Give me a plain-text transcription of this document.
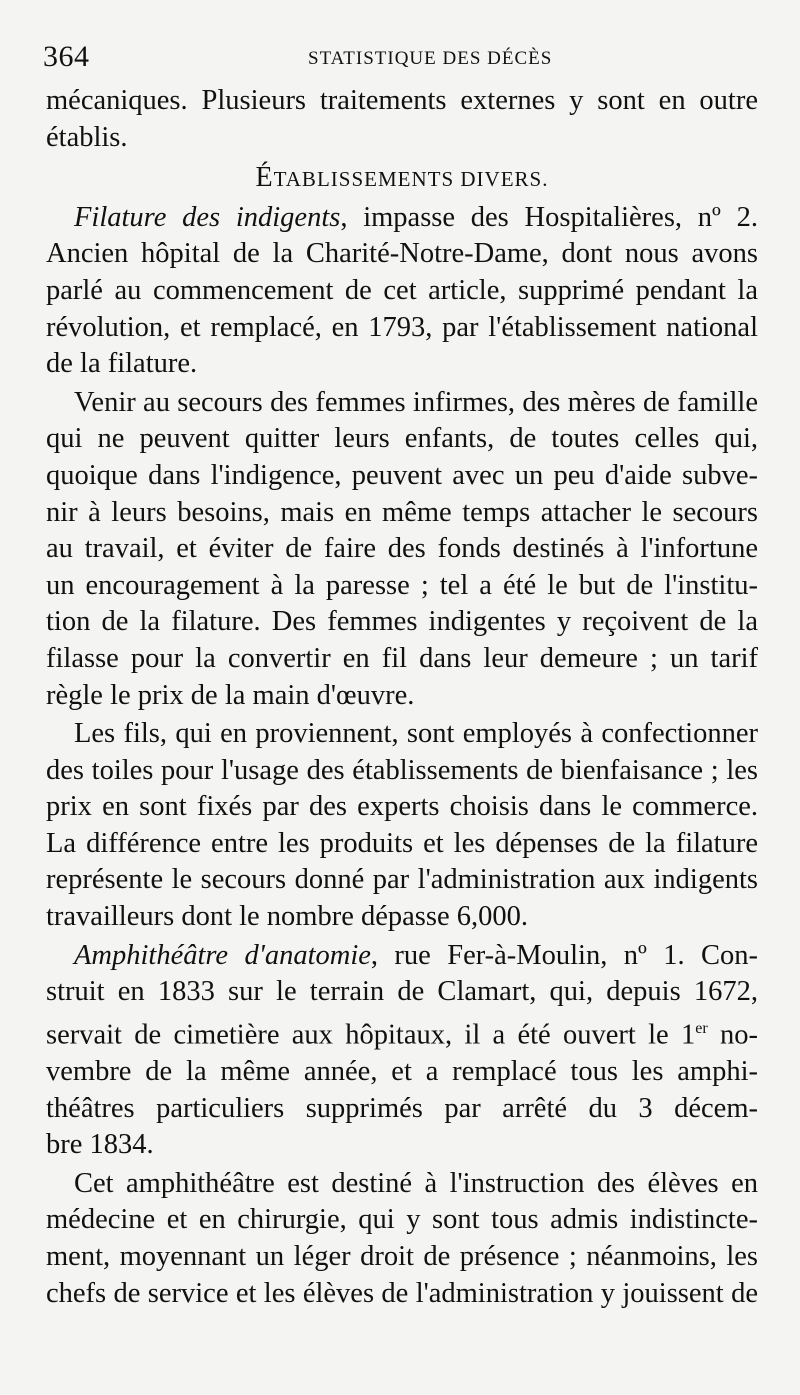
364	STATISTIQUE DES DÉCÈS
mécaniques. Plusieurs traitements externes y sont en outre
établis.
ÉTABLISSEMENTS DIVERS.
Filature des indigents, impasse des Hospitalières, nº 2.
Ancien hôpital de la Charité-Notre-Dame, dont nous avons
parlé au commencement de cet article, supprimé pendant la
révolution, et remplacé, en 1793, par l'établissement national
de la filature.
Venir au secours des femmes infirmes, des mères de famille
qui ne peuvent quitter leurs enfants, de toutes celles qui,
quoique dans l'indigence, peuvent avec un peu d'aide subve-
nir à leurs besoins, mais en même temps attacher le secours
au travail, et éviter de faire des fonds destinés à l'infortune
un encouragement à la paresse ; tel a été le but de l'institu-
tion de la filature. Des femmes indigentes y reçoivent de la
filasse pour la convertir en fil dans leur demeure ; un tarif
règle le prix de la main d'œuvre.
Les fils, qui en proviennent, sont employés à confectionner
des toiles pour l'usage des établissements de bienfaisance ; les
prix en sont fixés par des experts choisis dans le commerce.
La différence entre les produits et les dépenses de la filature
représente le secours donné par l'administration aux indigents
travailleurs dont le nombre dépasse 6,000.
Amphithéâtre d'anatomie, rue Fer-à-Moulin, nº 1. Con-
struit en 1833 sur le terrain de Clamart, qui, depuis 1672,
servait de cimetière aux hôpitaux, il a été ouvert le 1er no-
vembre de la même année, et a remplacé tous les amphi-
théâtres particuliers supprimés par arrêté du 3 décem-
bre 1834.
Cet amphithéâtre est destiné à l'instruction des élèves en
médecine et en chirurgie, qui y sont tous admis indistincte-
ment, moyennant un léger droit de présence ; néanmoins, les
chefs de service et les élèves de l'administration y jouissent de
